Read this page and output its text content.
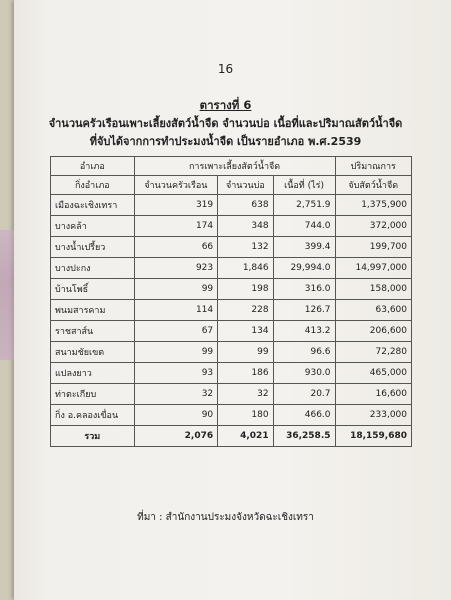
16
ตารางที่ 6
จำนวนครัวเรือนเพาะเลี้ยงสัตว์น้ำจืด จำนวนบ่อ เนื้อที่และปริมาณสัตว์น้ำจืด
ที่จับได้จากการทำประมงน้ำจืด เป็นรายอำเภอ พ.ศ.2539
อำเภอ	การเพาะเลี้ยงสัตว์น้ำจืด			ปริมาณการ
กิ่งอำเภอ	จำนวนครัวเรือน	จำนวนบ่อ	เนื้อที่ (ไร่)	จับสัตว์น้ำจืด
เมืองฉะเชิงเทรา	319	638	2,751.9	1,375,900
บางคล้า	174	348	744.0	372,000
บางน้ำเปรี้ยว	66	132	399.4	199,700
บางปะกง	923	1,846	29,994.0	14,997,000
บ้านโพธิ์	99	198	316.0	158,000
พนมสารคาม	114	228	126.7	63,600
ราชสาส์น	67	134	413.2	206,600
สนามชัยเขต	99	99	96.6	72,280
แปลงยาว	93	186	930.0	465,000
ท่าตะเกียบ	32	32	20.7	16,600
กิ่ง อ.คลองเขื่อน	90	180	466.0	233,000
รวม	2,076	4,021	36,258.5	18,159,680
ที่มา : สำนักงานประมงจังหวัดฉะเชิงเทรา
